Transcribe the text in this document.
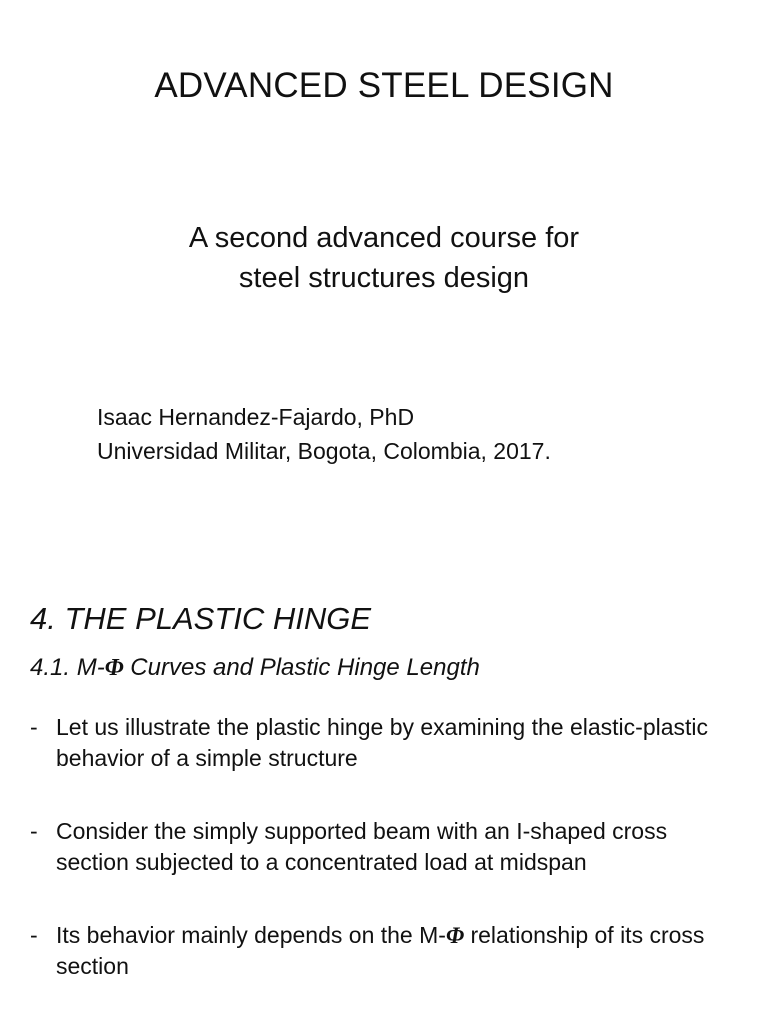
ADVANCED STEEL DESIGN

A second advanced course for
steel structures design

Isaac Hernandez-Fajardo, PhD
Universidad Militar, Bogota, Colombia, 2017.

4. THE PLASTIC HINGE
4.1. M-Φ Curves and Plastic Hinge Length
- Let us illustrate the plastic hinge by examining the elastic-plastic behavior of a simple structure
- Consider the simply supported beam with an I-shaped cross section subjected to a concentrated load at midspan
- Its behavior mainly depends on the M-Φ relationship of its cross section
